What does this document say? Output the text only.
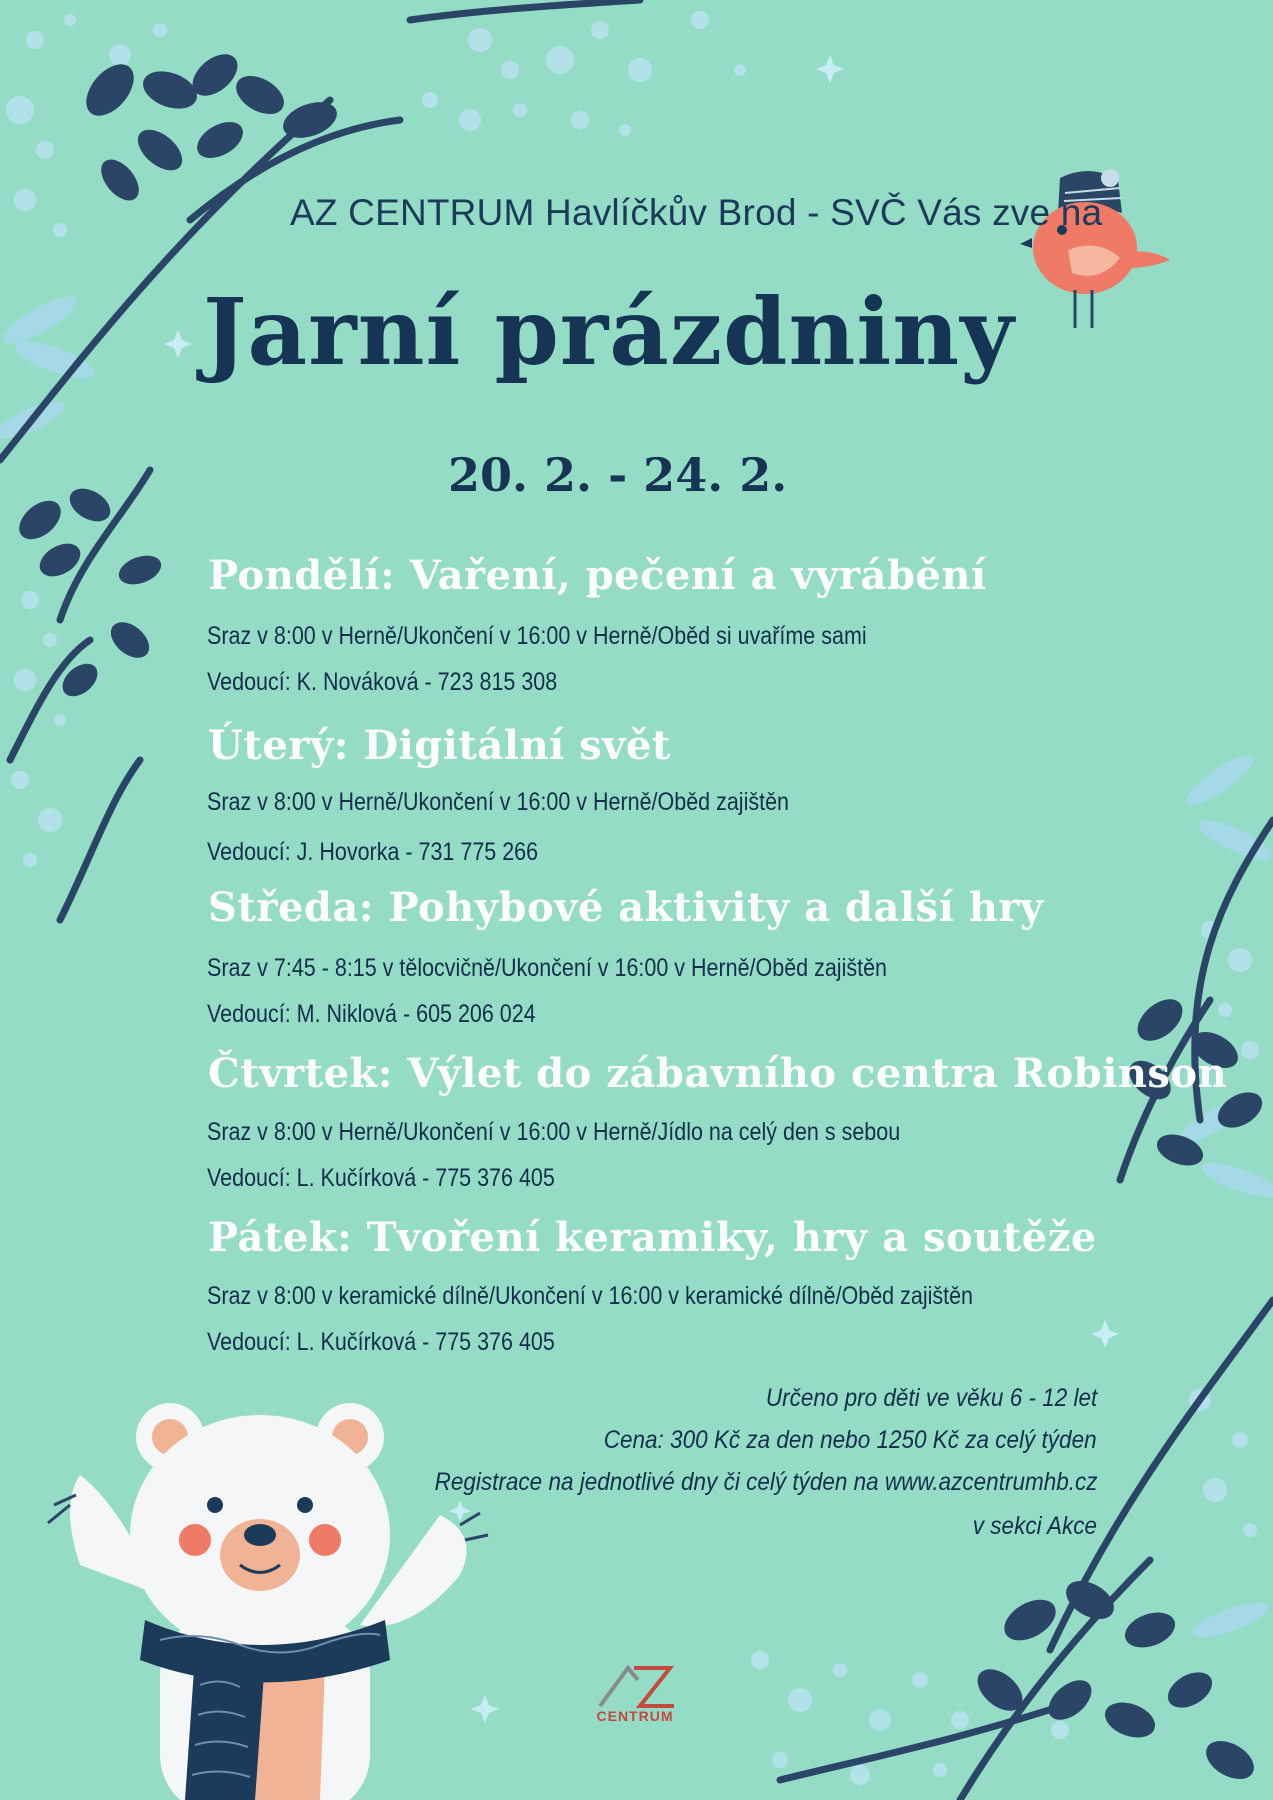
AZ CENTRUM Havlíčkův Brod - SVČ Vás zve na
Jarní prázdniny
20. 2. - 24. 2.
Pondělí: Vaření, pečení a vyrábění
Sraz v 8:00 v Herně/Ukončení v 16:00 v Herně/Oběd si uvaříme sami
Vedoucí: K. Nováková - 723 815 308
Úterý: Digitální svět
Sraz v 8:00 v Herně/Ukončení v 16:00 v Herně/Oběd zajištěn
Vedoucí: J. Hovorka - 731 775 266
Středa: Pohybové aktivity a další hry
Sraz v 7:45 - 8:15 v tělocvičně/Ukončení v 16:00 v Herně/Oběd zajištěn
Vedoucí: M. Niklová - 605 206 024
Čtvrtek: Výlet do zábavního centra Robinson
Sraz v 8:00 v Herně/Ukončení v 16:00 v Herně/Jídlo na celý den s sebou
Vedoucí: L. Kučírková - 775 376 405
Pátek: Tvoření keramiky, hry a soutěže
Sraz v 8:00 v keramické dílně/Ukončení v 16:00 v keramické dílně/Oběd zajištěn
Vedoucí: L. Kučírková - 775 376 405
Určeno pro děti ve věku 6 - 12 let
Cena: 300 Kč za den nebo 1250 Kč za celý týden
Registrace na jednotlivé dny či celý týden na www.azcentrumhb.cz
v sekci Akce
CENTRUM
